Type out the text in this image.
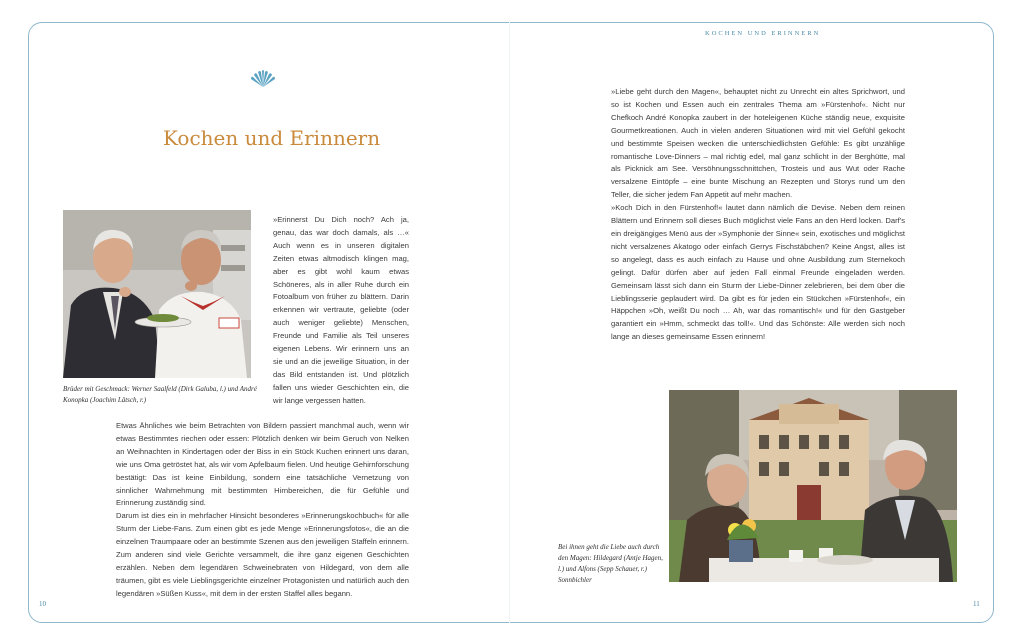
KOCHEN UND ERINNERN
Kochen und Erinnern
Brüder mit Geschmack: Werner Saalfeld (Dirk Galuba, l.) und André Konopka (Joachim Lätsch, r.)

»Erinnerst Du Dich noch? Ach ja, genau, das war doch damals, als …« Auch wenn es in unseren digitalen Zeiten etwas altmodisch klingen mag, aber es gibt wohl kaum etwas Schöneres, als in aller Ruhe durch ein Fotoalbum von früher zu blättern. Darin erkennen wir vertraute, geliebte (oder auch weniger geliebte) Menschen, Freunde und Familie als Teil unseres eigenen Lebens. Wir erinnern uns an sie und an die jeweilige Situation, in der das Bild entstanden ist. Und plötzlich fallen uns wieder Geschichten ein, die wir lange vergessen hatten.

Etwas Ähnliches wie beim Betrachten von Bildern passiert manchmal auch, wenn wir etwas Bestimmtes riechen oder essen: Plötzlich denken wir beim Geruch von Nelken an Weihnachten in Kindertagen oder der Biss in ein Stück Kuchen erinnert uns daran, wie uns Oma getröstet hat, als wir vom Apfelbaum fielen. Und heutige Gehirnforschung bestätigt: Das ist keine Einbildung, sondern eine tatsächliche Vernetzung von sinnlicher Wahrnehmung mit bestimmten Hirnbereichen, die für Gefühle und Erinnerung zuständig sind.

Darum ist dies ein in mehrfacher Hinsicht besonderes »Erinnerungskochbuch« für alle Sturm der Liebe-Fans. Zum einen gibt es jede Menge »Erinnerungsfotos«, die an die einzelnen Traumpaare oder an bestimmte Szenen aus den jeweiligen Staffeln erinnern. Zum anderen sind viele Gerichte versammelt, die ihre ganz eigenen Geschichten erzählen. Neben dem legendären Schweinebraten von Hildegard, von dem alle träumen, gibt es viele Lieblingsgerichte einzelner Protagonisten und natürlich auch den legendären »Süßen Kuss«, mit dem in der ersten Staffel alles begann.

»Liebe geht durch den Magen«, behauptet nicht zu Unrecht ein altes Sprichwort, und so ist Kochen und Essen auch ein zentrales Thema am »Fürstenhof«. Nicht nur Chefkoch André Konopka zaubert in der hoteleigenen Küche ständig neue, exquisite Gourmetkreationen. Auch in vielen anderen Situationen wird mit viel Gefühl gekocht und bestimmte Speisen wecken die unterschiedlichsten Gefühle: Es gibt unzählige romantische Love-Dinners – mal richtig edel, mal ganz schlicht in der Berghütte, mal als Picknick am See. Versöhnungsschnittchen, Trosteis und aus Wut oder Rache versalzene Eintöpfe – eine bunte Mischung an Rezepten und Storys rund um den Teller, die sicher jedem Fan Appetit auf mehr machen.

»Koch Dich in den Fürstenhof!« lautet dann nämlich die Devise. Neben dem reinen Blättern und Erinnern soll dieses Buch möglichst viele Fans an den Herd locken. Darf's ein dreigängiges Menü aus der »Symphonie der Sinne« sein, exotisches und möglichst nicht versalzenes Akatogo oder einfach Gerrys Fischstäbchen? Keine Angst, alles ist so angelegt, dass es auch einfach zu Hause und ohne Ausbildung zum Sternekoch gelingt. Dafür dürfen aber auf jeden Fall einmal Freunde eingeladen werden. Gemeinsam lässt sich dann ein Sturm der Liebe-Dinner zelebrieren, bei dem über die Lieblingsserie geplaudert wird. Da gibt es für jeden ein Stückchen »Fürstenhof«, ein Häppchen »Oh, weißt Du noch … Ah, war das romantisch!« und für den Gastgeber garantiert ein »Hmm, schmeckt das toll!«. Und das Schönste: Alle werden sich noch lange an dieses gemeinsame Essen erinnern!

Bei ihnen geht die Liebe auch durch den Magen: Hildegard (Antje Hagen, l.) und Alfons (Sepp Schauer, r.) Sonnbichler
10	11
